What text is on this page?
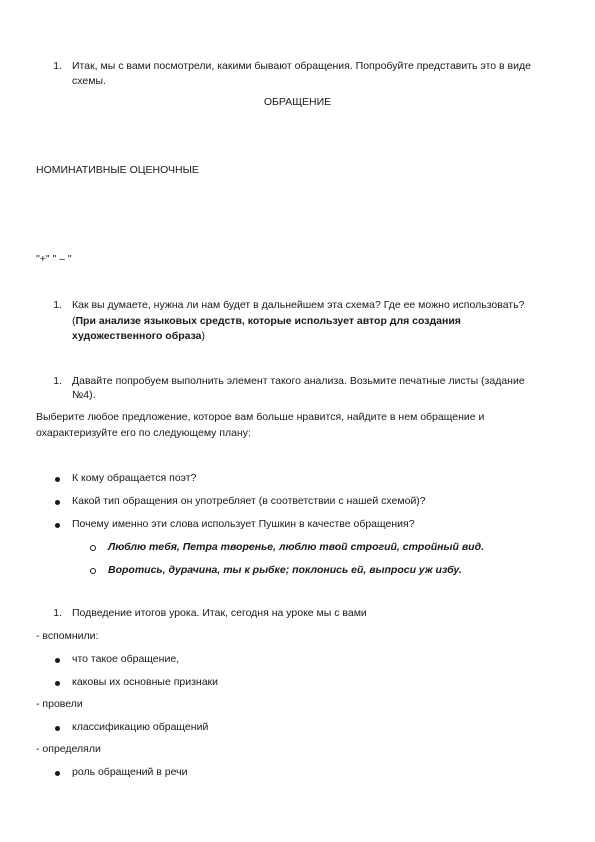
1. Итак, мы с вами посмотрели, какими бывают обращения. Попробуйте представить это в виде
схемы.
ОБРАЩЕНИЕ
НОМИНАТИВНЫЕ ОЦЕНОЧНЫЕ
"+" " – "
1. Как вы думаете, нужна ли нам будет в дальнейшем эта схема? Где ее можно использовать?
(При анализе языковых средств, которые использует автор для создания
художественного образа)
1. Давайте попробуем выполнить элемент такого анализа. Возьмите печатные листы (задание
№4).
Выберите любое предложение, которое вам больше нравится, найдите в нем обращение и
охарактеризуйте его по следующему плану:
К кому обращается поэт?
Какой тип обращения он употребляет (в соответствии с нашей схемой)?
Почему именно эти слова использует Пушкин в качестве обращения?
Люблю тебя, Петра творенье, люблю твой строгий, стройный вид.
Воротись, дурачина, ты к рыбке; поклонись ей, выпроси уж избу.
1. Подведение итогов урока. Итак, сегодня на уроке мы с вами
- вспомнили:
что такое обращение,
каковы их основные признаки
- провели
классификацию обращений
- определяли
роль обращений в речи
